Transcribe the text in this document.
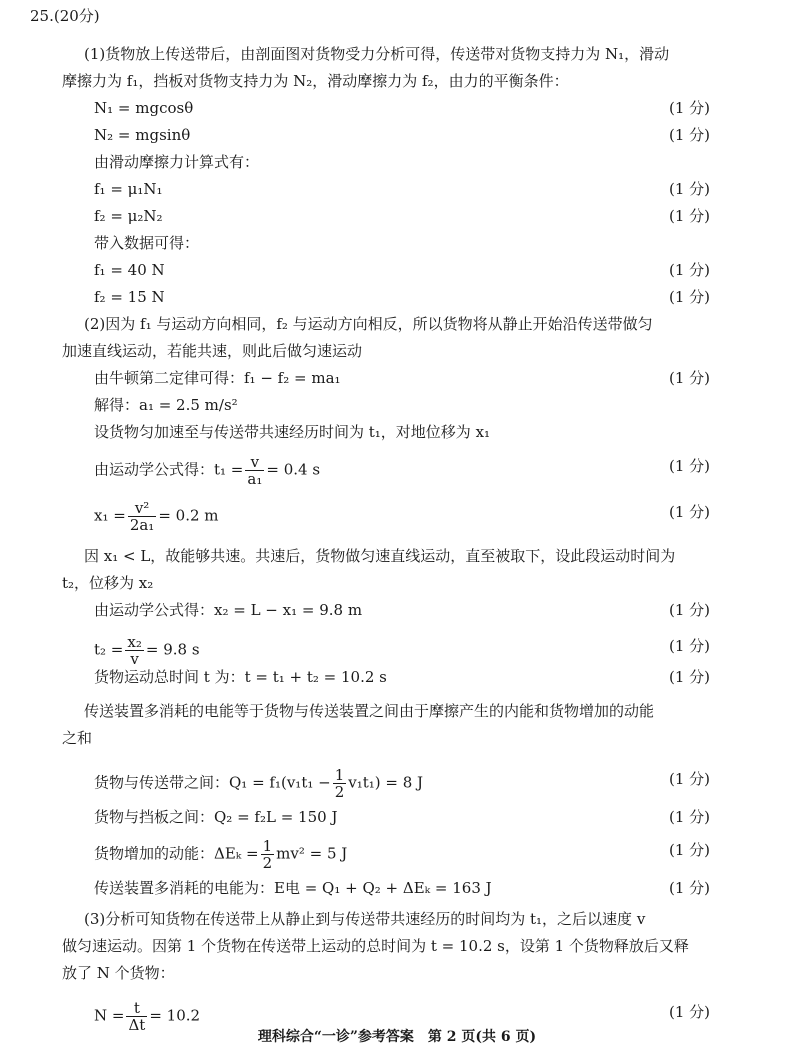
25.(20分)
(1)货物放上传送带后，由剖面图对货物受力分析可得，传送带对货物支持力为 N₁，滑动
摩擦力为 f₁，挡板对货物支持力为 N₂，滑动摩擦力为 f₂，由力的平衡条件：
N₁ = mgcosθ	(1 分)
N₂ = mgsinθ	(1 分)
由滑动摩擦力计算式有：
f₁ = μ₁N₁	(1 分)
f₂ = μ₂N₂	(1 分)
带入数据可得：
f₁ = 40 N	(1 分)
f₂ = 15 N	(1 分)
(2)因为 f₁ 与运动方向相同，f₂ 与运动方向相反，所以货物将从静止开始沿传送带做匀
加速直线运动，若能共速，则此后做匀速运动
由牛顿第二定律可得：f₁ − f₂ = ma₁	(1 分)
解得：a₁ = 2.5 m/s²
设货物匀加速至与传送带共速经历时间为 t₁，对地位移为 x₁
由运动学公式得：$t_1 = \frac{v}{\text{a₁}} = 0.4$ s	(1 分)
$x_1 = \frac{\text{v²}}{\text{2a₁}} = 0.2$ m	(1 分)
因 x₁ < L，故能够共速。共速后，货物做匀速直线运动，直至被取下，设此段运动时间为
t₂，位移为 x₂
由运动学公式得：x₂ = L − x₁ = 9.8 m	(1 分)
$t_2 = \frac{\text{x₂}}{v} = 9.8$ s	(1 分)
货物运动总时间 t 为：t = t₁ + t₂ = 10.2 s	(1 分)
传送装置多消耗的电能等于货物与传送装置之间由于摩擦产生的内能和货物增加的动能
之和
货物与传送带之间：$Q_1 = f_1(v_1t_1 - \frac{1}{2} v_1t_1) = 8$ J	(1 分)
货物与挡板之间：Q₂ = f₂L = 150 J	(1 分)
货物增加的动能：$\Delta E_k = \frac{1}{2} mv^2 = 5$ J	(1 分)
传送装置多消耗的电能为：E电 = Q₁ + Q₂ + ΔEₖ = 163 J	(1 分)
(3)分析可知货物在传送带上从静止到与传送带共速经历的时间均为 t₁，之后以速度 v
做匀速运动。因第 1 个货物在传送带上运动的总时间为 t = 10.2 s，设第 1 个货物释放后又释
放了 N 个货物：
$N = \frac{t}{\Delta t} = 10.2$	(1 分)
理科综合“一诊”参考答案　第 2 页(共 6 页)
